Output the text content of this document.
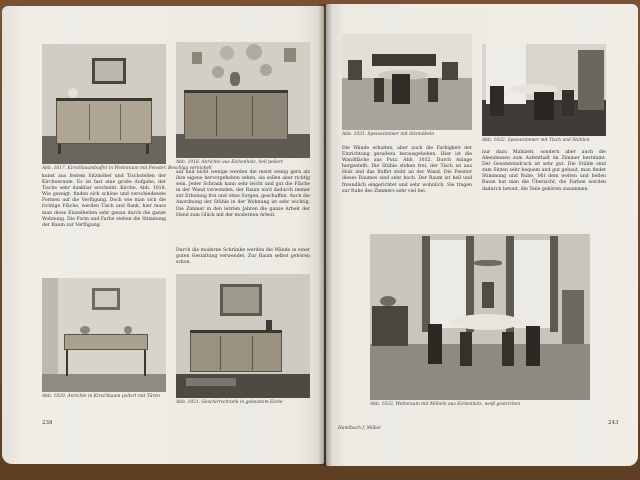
Abb. 1017. Kirschbaumbuffet in Wohnraum mit Fenster. Beschlag vernickelt
Abb. 1018. Anrichte aus Eichenholz, hell poliert
kunst aus festem Sitzmöbel und Tischstellen der Kirchenraum. Es ist fast eine große Aufgabe, der Tische sehr dankbar erscheint. Kirche, Abb. 1018. Wie gezeigt, finden sich schöne und verschiedenste Formen auf die Verfügung. Doch wie man sich die richtige Fläche, werden Tisch und Bank, hier muss man diese Einzelheiten sehr genau durch die ganze Wohnung. Die Form und Farbe stehen die Stimmung der Raum zur Verfügung.
auf und nicht wenige werden die meist wenig gern als ihre eigene hervorgehoben sehen, sie sollen aber richtig sein. Jeder Schrank kann sehr leicht und gut die Fläche in der Wand verwenden, der Raum wird dadurch immer zur Erholung frei und ohne Sorgen, geschaffen. Auch die Anordnung der Stühle in der Wohnung ist sehr wichtig. Die Zimmer in den letzten Jahren die ganze Arbeit der Hand zum Glück mit der modernen Arbeit.
Durch die moderne Schränke werden die Wände in einer guten Gestaltung verwendet. Zur Raum selbst gehören schon.
Abb. 1020. Anrichte in Kirschbaum poliert mit Türen
Abb. 1021. Geschirrschrank in gebeiztem Eiche
238
Abb. 1031. Speisezimmer mit Sitzmöbeln
Abb. 1032. Speisezimmer mit Tisch und Stühlen
Die Wände erhalten, aber auch die Farbigkeit der Einrichtung geradezu herausgehoben. Hier ist die Wandfläche aus Putz. Abb. 1032. Durch Anlage hergestellt. Die Stühle stehen frei, der Tisch ist aus Holz und das Buffet steht an der Wand. Die Fenster dieses Raumes sind sehr hoch. Der Raum ist hell und freundlich eingerichtet und sehr wohnlich. Sie tragen zur Ruhe des Zimmers sehr viel bei.
nur dazu Mahlzeit, sondern aber auch die Abendessen zum Aufenthalt im Zimmer bestimmt. Der Gesamteindruck ist sehr gut. Die Stühle sind zum Sitzen sehr bequem und gut gebaut, man findet Stimmung und Ruhe. Mit dem weiten und hellen Raum hat man die Übersicht, die Farben werden dadurch betont, die Teile gehören zusammen.
Abb. 1033. Wohnraum mit Möbeln aus Eichenholz, weiß gestrichen
Handbuch f. Möbel
243
